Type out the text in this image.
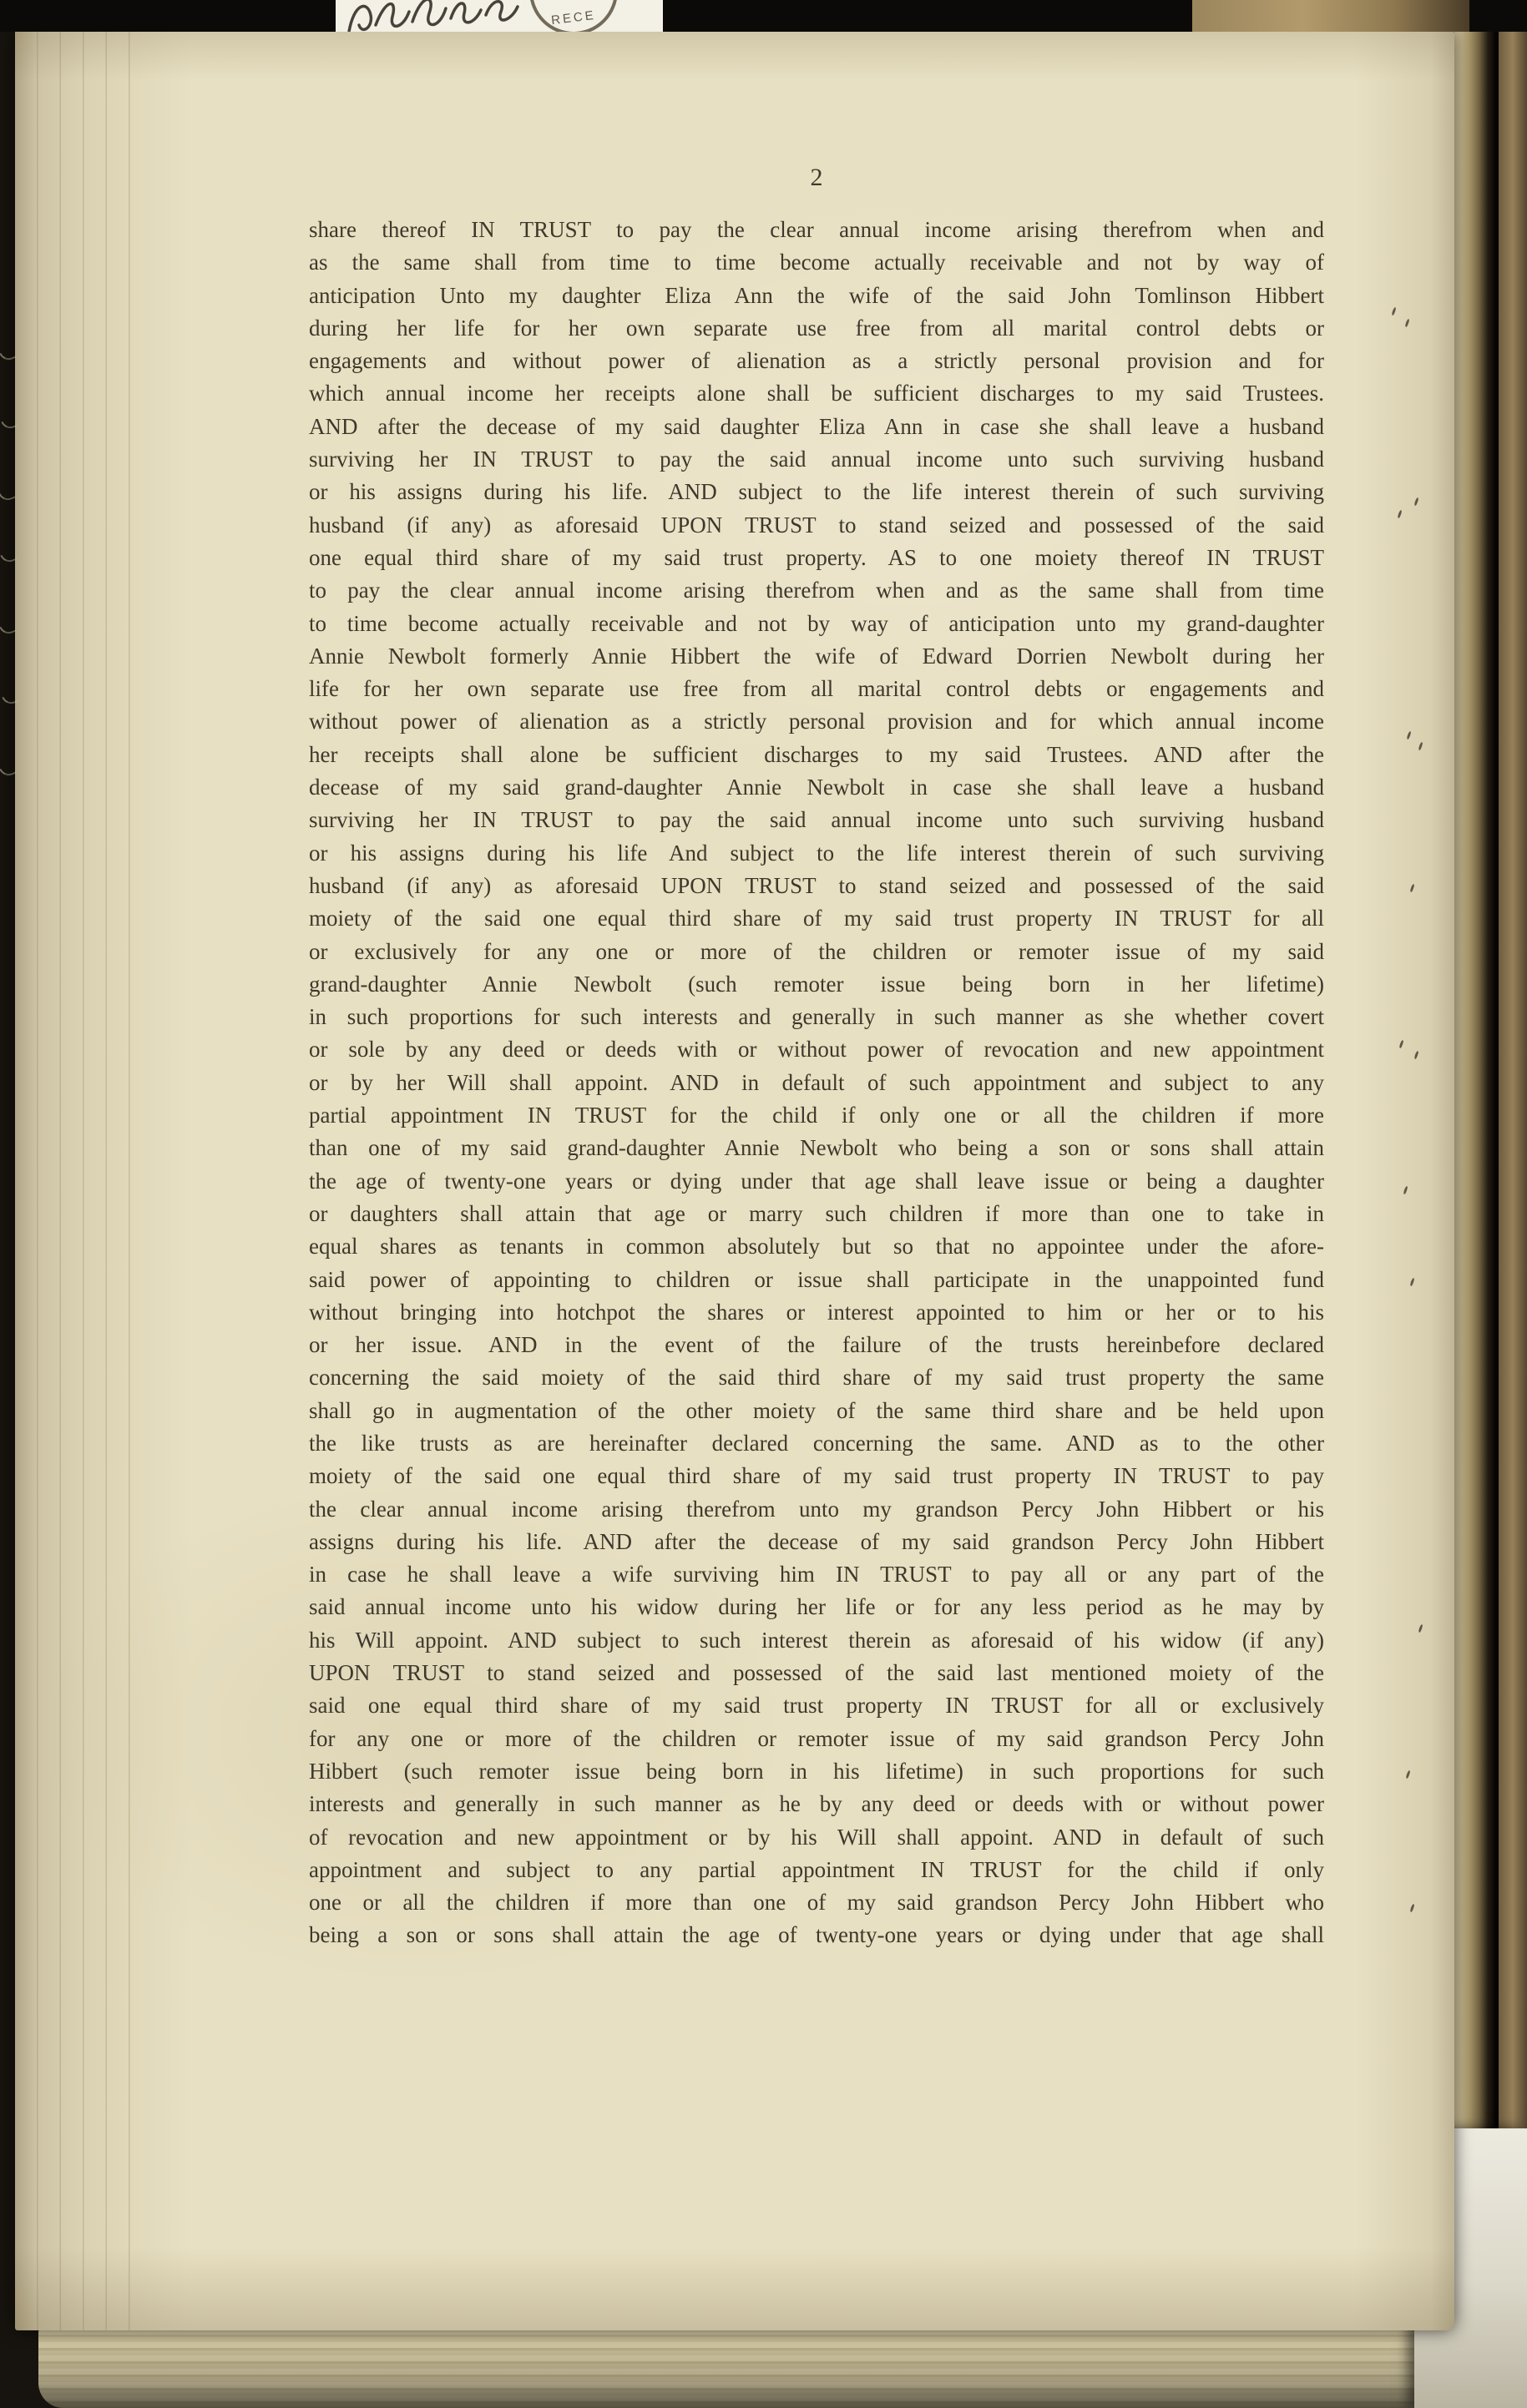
2
share thereof IN TRUST to pay the clear annual income arising therefrom when and
as the same shall from time to time become actually receivable and not by way of
anticipation Unto my daughter Eliza Ann the wife of the said John Tomlinson Hibbert
during her life for her own separate use free from all marital control debts or
engagements and without power of alienation as a strictly personal provision and for
which annual income her receipts alone shall be sufficient discharges to my said Trustees.
AND after the decease of my said daughter Eliza Ann in case she shall leave a husband
surviving her IN TRUST to pay the said annual income unto such surviving husband
or his assigns during his life. AND subject to the life interest therein of such surviving
husband (if any) as aforesaid UPON TRUST to stand seized and possessed of the said
one equal third share of my said trust property. AS to one moiety thereof IN TRUST
to pay the clear annual income arising therefrom when and as the same shall from time
to time become actually receivable and not by way of anticipation unto my grand-daughter
Annie Newbolt formerly Annie Hibbert the wife of Edward Dorrien Newbolt during her
life for her own separate use free from all marital control debts or engagements and
without power of alienation as a strictly personal provision and for which annual income
her receipts shall alone be sufficient discharges to my said Trustees. AND after the
decease of my said grand-daughter Annie Newbolt in case she shall leave a husband
surviving her IN TRUST to pay the said annual income unto such surviving husband
or his assigns during his life And subject to the life interest therein of such surviving
husband (if any) as aforesaid UPON TRUST to stand seized and possessed of the said
moiety of the said one equal third share of my said trust property IN TRUST for all
or exclusively for any one or more of the children or remoter issue of my said
grand-daughter Annie Newbolt (such remoter issue being born in her lifetime)
in such proportions for such interests and generally in such manner as she whether covert
or sole by any deed or deeds with or without power of revocation and new appointment
or by her Will shall appoint. AND in default of such appointment and subject to any
partial appointment IN TRUST for the child if only one or all the children if more
than one of my said grand-daughter Annie Newbolt who being a son or sons shall attain
the age of twenty-one years or dying under that age shall leave issue or being a daughter
or daughters shall attain that age or marry such children if more than one to take in
equal shares as tenants in common absolutely but so that no appointee under the afore-
said power of appointing to children or issue shall participate in the unappointed fund
without bringing into hotchpot the shares or interest appointed to him or her or to his
or her issue. AND in the event of the failure of the trusts hereinbefore declared
concerning the said moiety of the said third share of my said trust property the same
shall go in augmentation of the other moiety of the same third share and be held upon
the like trusts as are hereinafter declared concerning the same. AND as to the other
moiety of the said one equal third share of my said trust property IN TRUST to pay
the clear annual income arising therefrom unto my grandson Percy John Hibbert or his
assigns during his life. AND after the decease of my said grandson Percy John Hibbert
in case he shall leave a wife surviving him IN TRUST to pay all or any part of the
said annual income unto his widow during her life or for any less period as he may by
his Will appoint. AND subject to such interest therein as aforesaid of his widow (if any)
UPON TRUST to stand seized and possessed of the said last mentioned moiety of the
said one equal third share of my said trust property IN TRUST for all or exclusively
for any one or more of the children or remoter issue of my said grandson Percy John
Hibbert (such remoter issue being born in his lifetime) in such proportions for such
interests and generally in such manner as he by any deed or deeds with or without power
of revocation and new appointment or by his Will shall appoint. AND in default of such
appointment and subject to any partial appointment IN TRUST for the child if only
one or all the children if more than one of my said grandson Percy John Hibbert who
being a son or sons shall attain the age of twenty-one years or dying under that age shall
RECE
